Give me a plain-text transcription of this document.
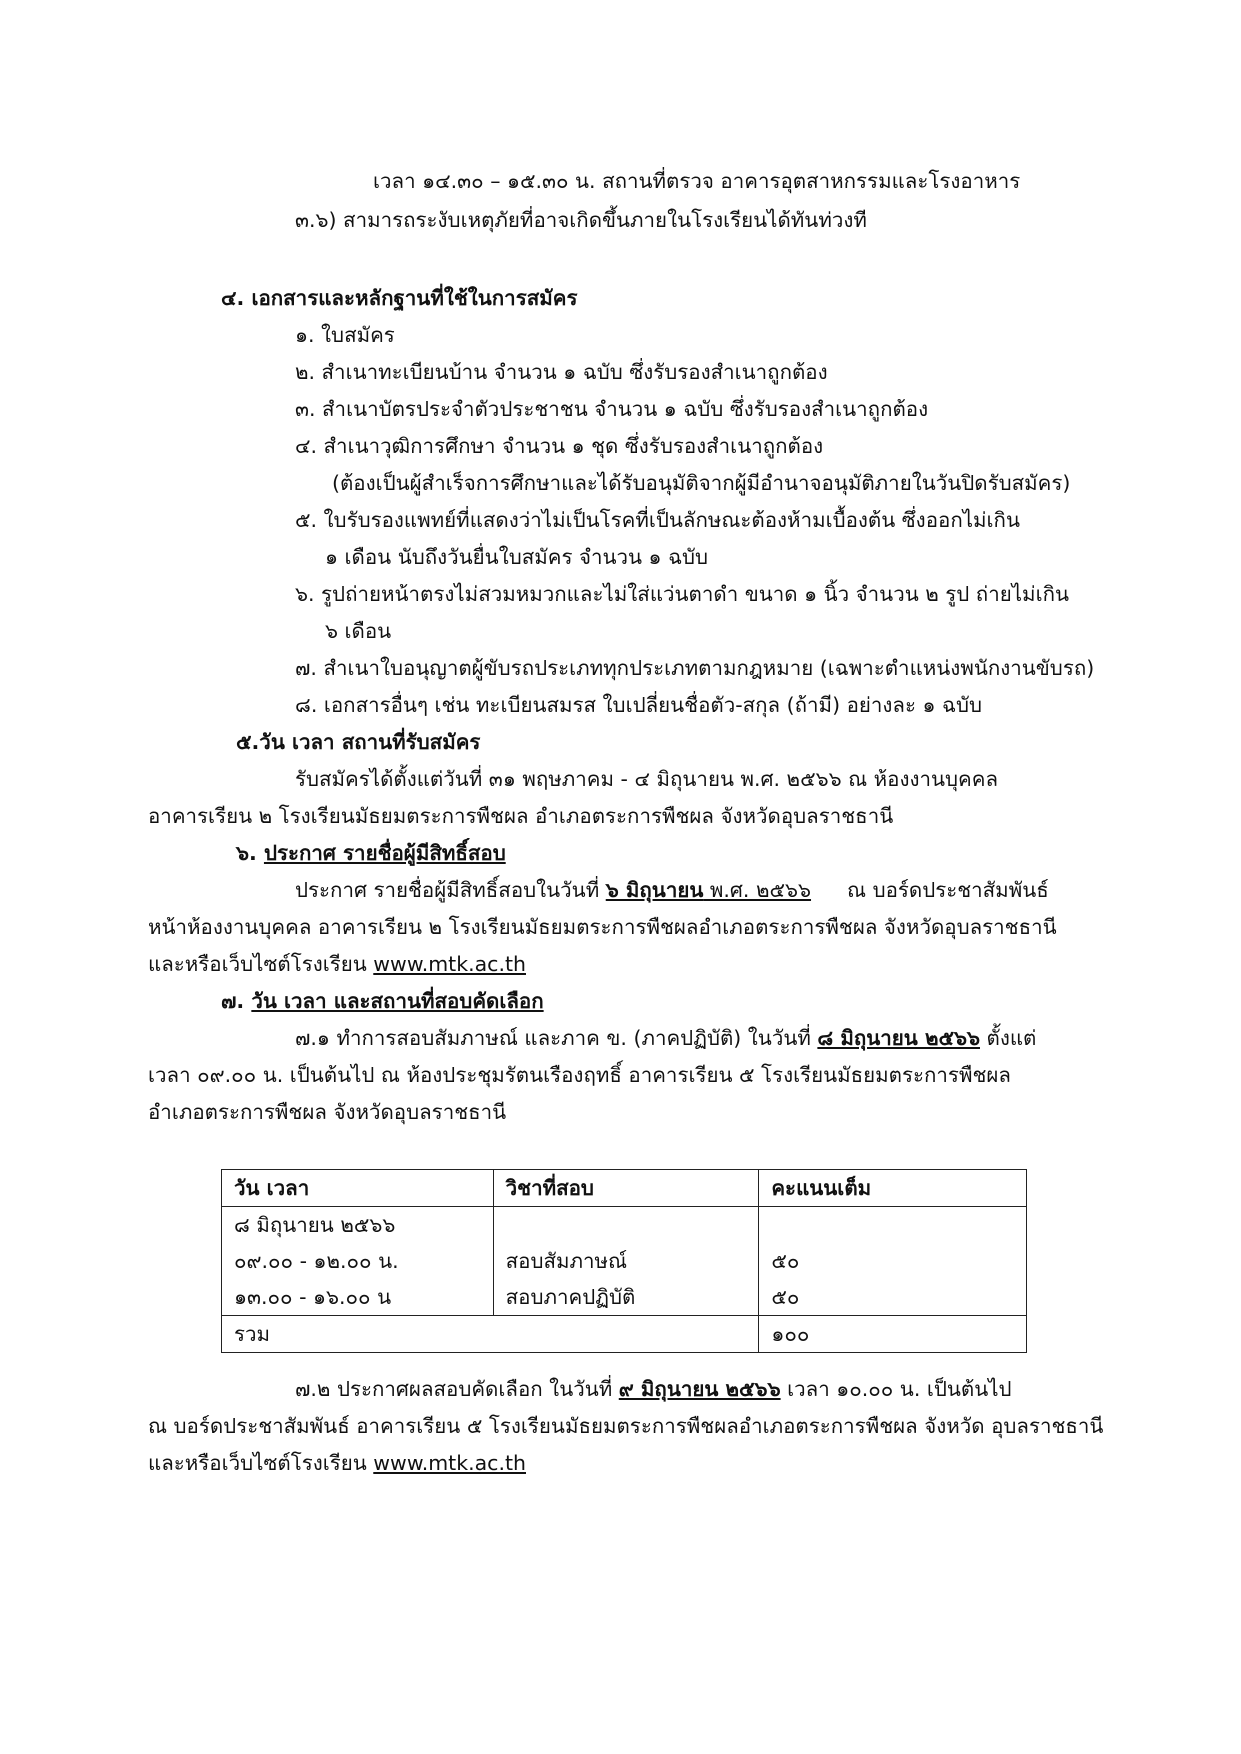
เวลา ๑๔.๓๐ – ๑๕.๓๐ น. สถานที่ตรวจ อาคารอุตสาหกรรมและโรงอาหาร
๓.๖) สามารถระงับเหตุภัยที่อาจเกิดขึ้นภายในโรงเรียนได้ทันท่วงที
๔. เอกสารและหลักฐานที่ใช้ในการสมัคร
๑. ใบสมัคร
๒. สำเนาทะเบียนบ้าน จำนวน ๑ ฉบับ ซึ่งรับรองสำเนาถูกต้อง
๓. สำเนาบัตรประจำตัวประชาชน จำนวน ๑ ฉบับ ซึ่งรับรองสำเนาถูกต้อง
๔. สำเนาวุฒิการศึกษา จำนวน ๑ ชุด ซึ่งรับรองสำเนาถูกต้อง
(ต้องเป็นผู้สำเร็จการศึกษาและได้รับอนุมัติจากผู้มีอำนาจอนุมัติภายในวันปิดรับสมัคร)
๕. ใบรับรองแพทย์ที่แสดงว่าไม่เป็นโรคที่เป็นลักษณะต้องห้ามเบื้องต้น ซึ่งออกไม่เกิน
๑ เดือน นับถึงวันยื่นใบสมัคร จำนวน ๑ ฉบับ
๖. รูปถ่ายหน้าตรงไม่สวมหมวกและไม่ใส่แว่นตาดำ ขนาด ๑ นิ้ว จำนวน ๒ รูป ถ่ายไม่เกิน
๖ เดือน
๗. สำเนาใบอนุญาตผู้ขับรถประเภททุกประเภทตามกฎหมาย (เฉพาะตำแหน่งพนักงานขับรถ)
๘. เอกสารอื่นๆ เช่น ทะเบียนสมรส ใบเปลี่ยนชื่อตัว-สกุล (ถ้ามี) อย่างละ ๑ ฉบับ
๕.วัน เวลา สถานที่รับสมัคร
รับสมัครได้ตั้งแต่วันที่ ๓๑ พฤษภาคม - ๔ มิถุนายน พ.ศ. ๒๕๖๖ ณ ห้องงานบุคคล
อาคารเรียน ๒ โรงเรียนมัธยมตระการพืชผล อำเภอตระการพืชผล จังหวัดอุบลราชธานี
๖. ประกาศ รายชื่อผู้มีสิทธิ์สอบ
ประกาศ รายชื่อผู้มีสิทธิ์สอบในวันที่ ๖ มิถุนายน พ.ศ. ๒๕๖๖ ณ บอร์ดประชาสัมพันธ์
หน้าห้องงานบุคคล อาคารเรียน ๒ โรงเรียนมัธยมตระการพืชผลอำเภอตระการพืชผล จังหวัดอุบลราชธานี
และหรือเว็บไซต์โรงเรียน www.mtk.ac.th
๗. วัน เวลา และสถานที่สอบคัดเลือก
๗.๑ ทำการสอบสัมภาษณ์ และภาค ข. (ภาคปฏิบัติ) ในวันที่ ๘ มิถุนายน ๒๕๖๖ ตั้งแต่
เวลา ๐๙.๐๐ น. เป็นต้นไป ณ ห้องประชุมรัตนเรืองฤทธิ์ อาคารเรียน ๕ โรงเรียนมัธยมตระการพืชผล
อำเภอตระการพืชผล จังหวัดอุบลราชธานี
วัน เวลา	วิชาที่สอบ	คะแนนเต็ม
๘ มิถุนายน ๒๕๖๖		
๐๙.๐๐ - ๑๒.๐๐ น.	สอบสัมภาษณ์	๕๐
๑๓.๐๐ - ๑๖.๐๐ น	สอบภาคปฏิบัติ	๕๐
รวม		๑๐๐
๗.๒ ประกาศผลสอบคัดเลือก ในวันที่ ๙ มิถุนายน ๒๕๖๖ เวลา ๑๐.๐๐ น. เป็นต้นไป
ณ บอร์ดประชาสัมพันธ์ อาคารเรียน ๕ โรงเรียนมัธยมตระการพืชผลอำเภอตระการพืชผล จังหวัด อุบลราชธานี
และหรือเว็บไซต์โรงเรียน www.mtk.ac.th
